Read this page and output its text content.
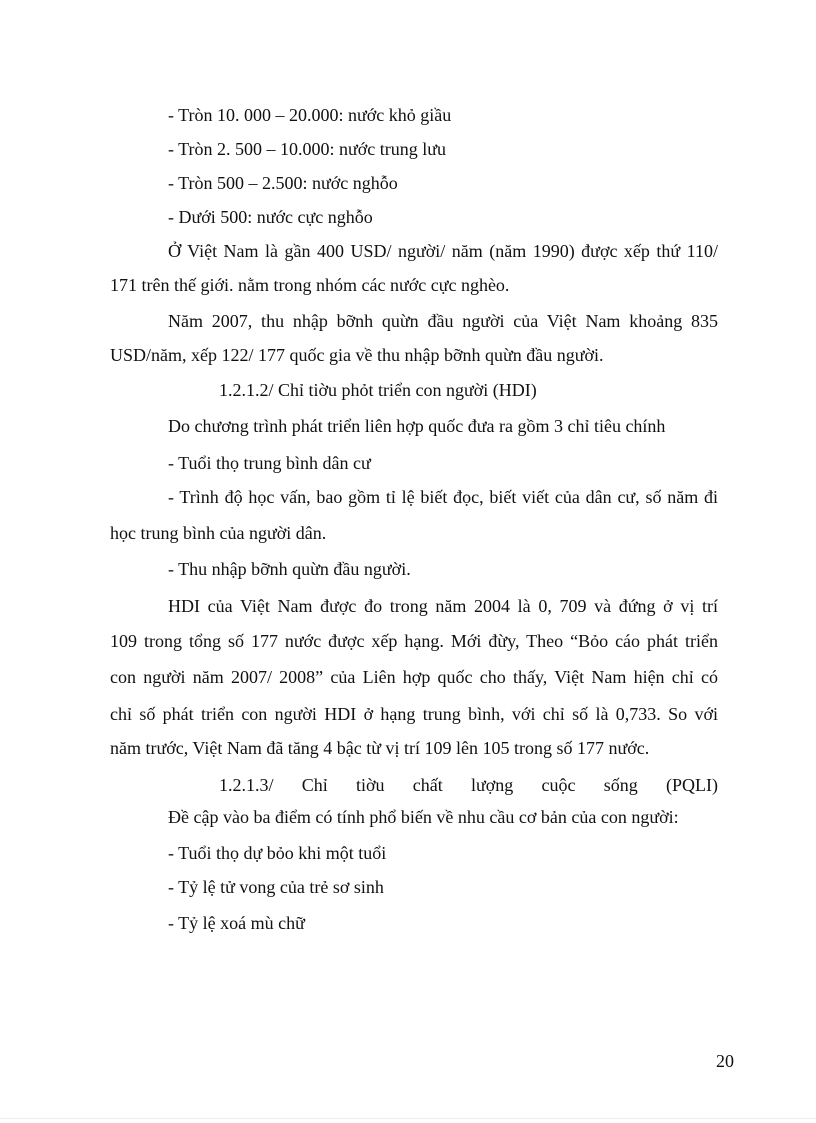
- Tròn 10. 000 – 20.000: nước khỏ giầu
- Tròn 2. 500 – 10.000: nước trung lưu
- Tròn 500 – 2.500: nước nghỗo
- Dưới 500: nước cực nghỗo
Ở Việt Nam là gần 400 USD/ người/ năm (năm 1990) được xếp thứ 110/
171 trên thế giới. nằm trong nhóm các nước cực nghèo.
Năm 2007, thu nhập bỡnh quừn đầu người của Việt Nam khoảng 835
USD/năm, xếp 122/ 177 quốc gia về thu nhập bỡnh quừn đầu người.
1.2.1.2/ Chỉ tiờu phỏt triển con người (HDI)
Do chương trình phát triển liên hợp quốc đưa ra gồm 3 chỉ tiêu chính
- Tuổi thọ trung bình dân cư
- Trình độ học vấn, bao gồm tỉ lệ biết đọc, biết viết của dân cư, số năm đi
học trung bình của người dân.
- Thu nhập bỡnh quừn đầu người.
HDI của Việt Nam được đo trong năm 2004 là 0, 709 và đứng ở vị trí
109 trong tổng số 177 nước được xếp hạng. Mới đừy, Theo “Bỏo cáo phát triển
con người năm 2007/ 2008” của Liên hợp quốc cho thấy, Việt Nam hiện chỉ có
chỉ số phát triển con người HDI ở hạng trung bình, với chỉ số là 0,733. So với
năm trước, Việt Nam đã tăng 4 bậc từ vị trí 109 lên 105 trong số 177 nước.
1.2.1.3/ Chỉ tiờu chất lượng cuộc sống (PQLI)
Đề cập vào ba điểm có tính phổ biến về nhu cầu cơ bản của con người:
- Tuổi thọ dự bỏo khi một tuổi
- Tỷ lệ tử vong của trẻ sơ sinh
- Tỷ lệ xoá mù chữ
20
